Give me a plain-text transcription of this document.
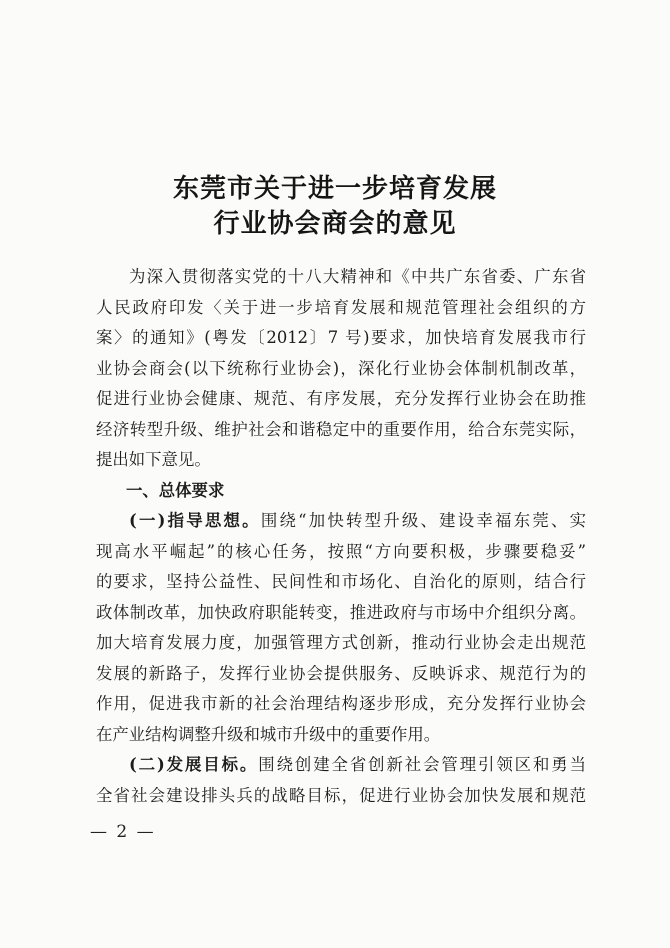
东莞市关于进一步培育发展
行业协会商会的意见
为深入贯彻落实党的十八大精神和《中共广东省委、广东省
人民政府印发〈关于进一步培育发展和规范管理社会组织的方
案〉的通知》(粤发〔2012〕7 号)要求，加快培育发展我市行
业协会商会(以下统称行业协会)，深化行业协会体制机制改革，
促进行业协会健康、规范、有序发展，充分发挥行业协会在助推
经济转型升级、维护社会和谐稳定中的重要作用，给合东莞实际，
提出如下意见。
一、总体要求
(一)指导思想。围绕“加快转型升级、建设幸福东莞、实
现高水平崛起”的核心任务，按照“方向要积极，步骤要稳妥”
的要求，坚持公益性、民间性和市场化、自治化的原则，结合行
政体制改革，加快政府职能转变，推进政府与市场中介组织分离。
加大培育发展力度，加强管理方式创新，推动行业协会走出规范
发展的新路子，发挥行业协会提供服务、反映诉求、规范行为的
作用，促进我市新的社会治理结构逐步形成，充分发挥行业协会
在产业结构调整升级和城市升级中的重要作用。
(二)发展目标。围绕创建全省创新社会管理引领区和勇当
全省社会建设排头兵的战略目标，促进行业协会加快发展和规范
— 2 —
